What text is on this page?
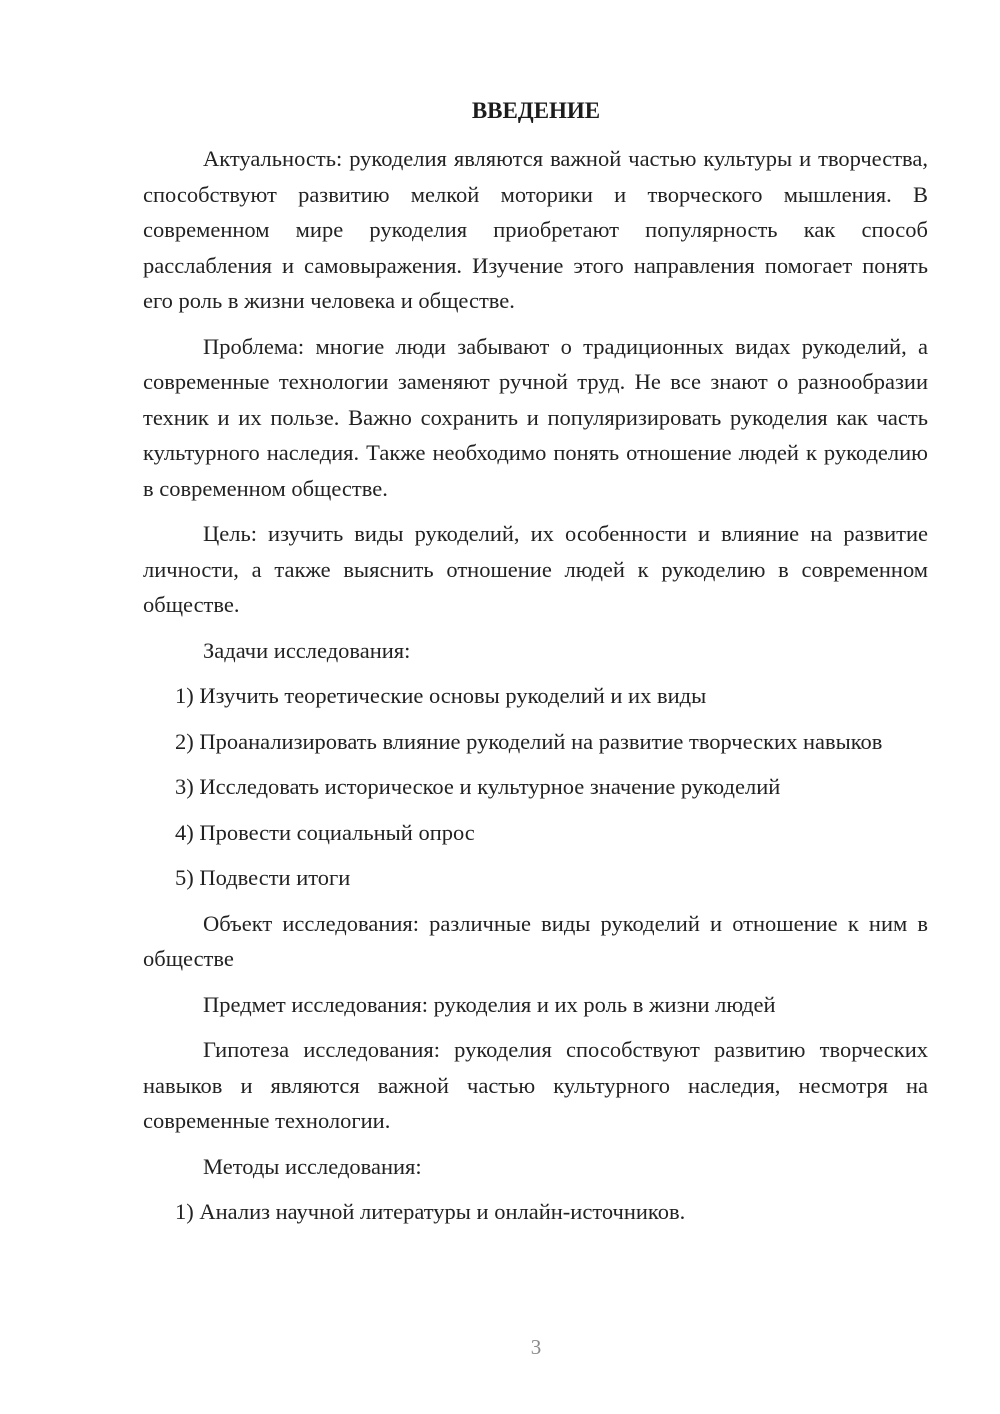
ВВЕДЕНИЕ

Актуальность: рукоделия являются важной частью культуры и творчества, способствуют развитию мелкой моторики и творческого мышления. В современном мире рукоделия приобретают популярность как способ расслабления и самовыражения. Изучение этого направления помогает понять его роль в жизни человека и обществе.

Проблема: многие люди забывают о традиционных видах рукоделий, а современные технологии заменяют ручной труд. Не все знают о разнообразии техник и их пользе. Важно сохранить и популяризировать рукоделия как часть культурного наследия. Также необходимо понять отношение людей к рукоделию в современном обществе.

Цель: изучить виды рукоделий, их особенности и влияние на развитие личности, а также выяснить отношение людей к рукоделию в современном обществе.

Задачи исследования:

1) Изучить теоретические основы рукоделий и их виды

2) Проанализировать влияние рукоделий на развитие творческих навыков

3) Исследовать историческое и культурное значение рукоделий

4) Провести социальный опрос

5) Подвести итоги

Объект исследования: различные виды рукоделий и отношение к ним в обществе

Предмет исследования: рукоделия и их роль в жизни людей

Гипотеза исследования: рукоделия способствуют развитию творческих навыков и являются важной частью культурного наследия, несмотря на современные технологии.

Методы исследования:

1) Анализ научной литературы и онлайн-источников.

3
